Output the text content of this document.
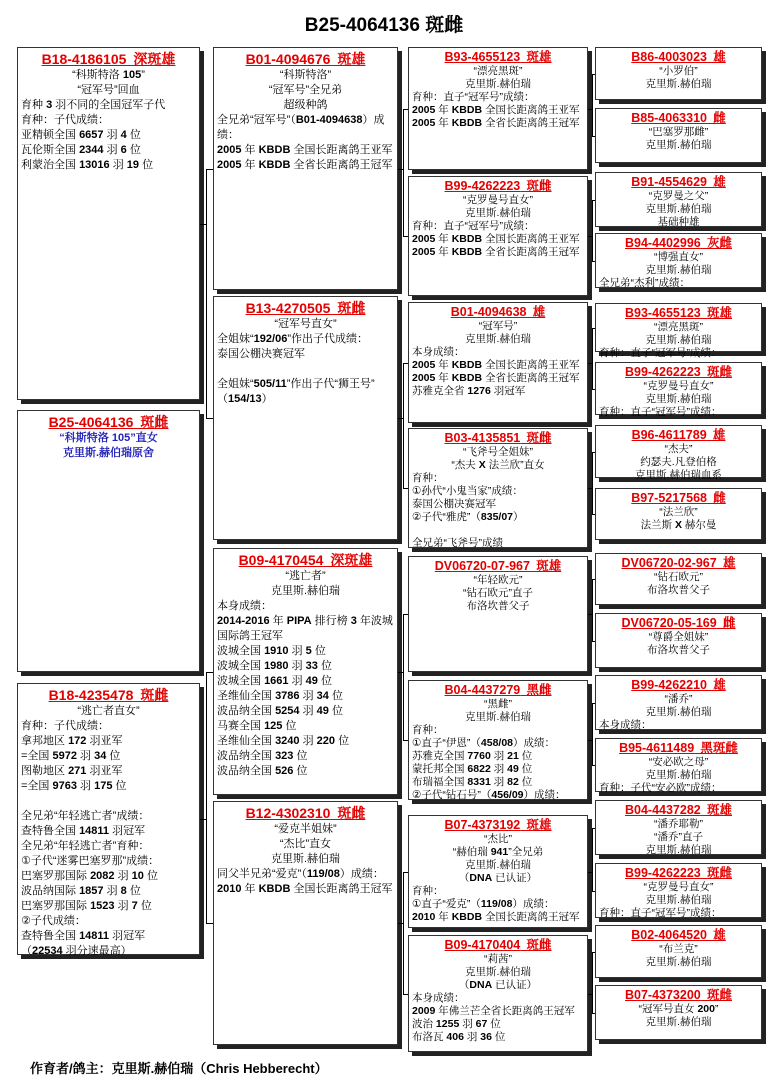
B25-4064136 斑雌
B18-4186105 深斑雄
“科斯特洛 105”
“冠军号”回血
育种 3 羽不同的全国冠军子代
育种：子代成绩：
亚精顿全国 6657 羽 4 位
瓦伦斯全国 2344 羽 6 位
利蒙治全国 13016 羽 19 位
B25-4064136 斑雌
“科斯特洛 105”直女
克里斯.赫伯瑞原舍
B18-4235478 斑雌
“逃亡者直女”
育种：子代成绩：
拿邦地区 172 羽亚军
=全国 5972 羽 34 位
图勒地区 271 羽亚军
=全国 9763 羽 175 位

全兄弟“年轻逃亡者”成绩：
查特鲁全国 14811 羽冠军
全兄弟“年轻逃亡者”育种：
①子代“迷雾巴塞罗那”成绩：
巴塞罗那国际 2082 羽 10 位
波品纳国际 1857 羽 8 位
巴塞罗那国际 1523 羽 7 位
②子代成绩：
查特鲁全国 14811 羽冠军
（22534 羽分速最高）
B01-4094676 斑雄
“科斯特洛”
“冠军号”全兄弟
超级种鸽
全兄弟“冠军号”（B01-4094638）成绩：
2005 年 KBDB 全国长距离鸽王亚军
2005 年 KBDB 全省长距离鸽王冠军
B13-4270505 斑雌
“冠军号直女”
全姐妹“192/06”作出子代成绩：
泰国公棚决赛冠军

全姐妹“505/11”作出子代“狮王号”
（154/13）
B09-4170454 深斑雄
“逃亡者”
克里斯.赫伯瑞
本身成绩：
2014-2016 年 PIPA 排行榜 3 年波城
国际鸽王冠军
波城全国 1910 羽 5 位
波城全国 1980 羽 33 位
波城全国 1661 羽 49 位
圣维仙全国 3786 羽 34 位
波品纳全国 5254 羽 49 位
马赛全国 125 位
圣维仙全国 3240 羽 220 位
波品纳全国 323 位
波品纳全国 526 位
B12-4302310 斑雌
“爱克半姐妹”
“杰比”直女
克里斯.赫伯瑞
同父半兄弟“爱克”（119/08）成绩：
2010 年 KBDB 全国长距离鸽王冠军
B93-4655123 斑雄
“漂亮黑斑”
克里斯.赫伯瑞
育种：直子“冠军号”成绩：
2005 年 KBDB 全国长距离鸽王亚军
2005 年 KBDB 全省长距离鸽王冠军
B99-4262223 斑雌
“克罗曼号直女”
克里斯.赫伯瑞
育种：直子“冠军号”成绩：
2005 年 KBDB 全国长距离鸽王亚军
2005 年 KBDB 全省长距离鸽王冠军
B01-4094638 雄
“冠军号”
克里斯.赫伯瑞
本身成绩：
2005 年 KBDB 全国长距离鸽王亚军
2005 年 KBDB 全省长距离鸽王冠军
苏雅克全省 1276 羽冠军
B03-4135851 斑雌
“飞斧号全姐妹”
“杰夫 X 法兰欣”直女
育种：
①孙代“小鬼当家”成绩：
泰国公棚决赛冠军
②子代“雅虎”（835/07）

全兄弟“飞斧号”成绩
DV06720-07-967 斑雄
“年轻欧元”
“钻石欧元”直子
布洛坎普父子
B04-4437279 黑雌
“黑雌”
克里斯.赫伯瑞
育种：
①直子“伊恩”（458/08）成绩：
苏雅克全国 7760 羽 21 位
蒙托邦全国 6822 羽 49 位
布瑞福全国 8331 羽 82 位
②子代“钻石号”（456/09）成绩：
B07-4373192 斑雄
“杰比”
“赫伯瑞 941”全兄弟
克里斯.赫伯瑞
（DNA 已认证）
育种：
①直子“爱克”（119/08）成绩：
2010 年 KBDB 全国长距离鸽王冠军
B09-4170404 斑雌
“莉茜”
克里斯.赫伯瑞
（DNA 已认证）
本身成绩：
2009 年佛兰芒全省长距离鸽王冠军
波治 1255 羽 67 位
布洛瓦 406 羽 36 位
B86-4003023 雄
“小罗伯”
克里斯.赫伯瑞
B85-4063310 雌
“巴塞罗那雌”
克里斯.赫伯瑞
B91-4554629 雄
“克罗曼之父”
克里斯.赫伯瑞
基础种雄
B94-4402996 灰雌
“博强直女”
克里斯.赫伯瑞
全兄弟“杰利”成绩：
B93-4655123 斑雄
“漂亮黑斑”
克里斯.赫伯瑞
育种：直子“冠军号”成绩：
B99-4262223 斑雌
“克罗曼号直女”
克里斯.赫伯瑞
育种：直子“冠军号”成绩：
B96-4611789 雄
“杰夫”
约瑟夫.凡登伯格
克里斯.赫伯瑞血系
B97-5217568 雌
“法兰欣”
法兰斯 X 赫尔曼
DV06720-02-967 雄
“钻石欧元”
布洛坎普父子
DV06720-05-169 雌
“尊爵全姐妹”
布洛坎普父子
B99-4262210 雄
“潘乔”
克里斯.赫伯瑞
本身成绩：
B95-4611489 黑斑雌
“安必欧之母”
克里斯.赫伯瑞
育种：子代“安必欧”成绩：
B04-4437282 斑雄
“潘乔耶勒”
“潘乔”直子
克里斯.赫伯瑞
B99-4262223 斑雌
“克罗曼号直女”
克里斯.赫伯瑞
育种：直子“冠军号”成绩：
B02-4064520 雄
“布兰克”
克里斯.赫伯瑞
B07-4373200 斑雌
“冠军号直女 200”
克里斯.赫伯瑞
作育者/鸽主：克里斯.赫伯瑞（Chris Hebberecht）
